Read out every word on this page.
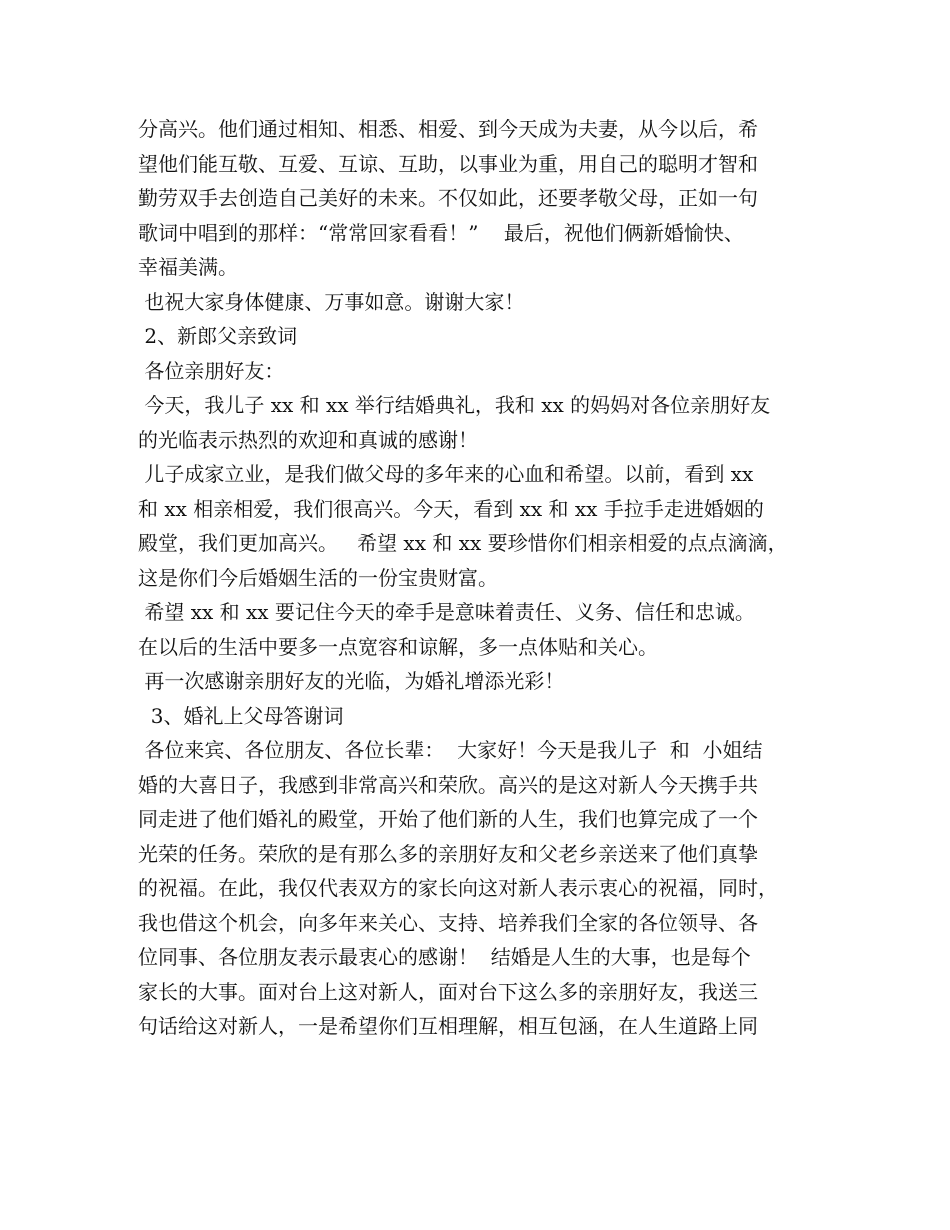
分高兴。他们通过相知、相悉、相爱、到今天成为夫妻，从今以后，希
望他们能互敬、互爱、互谅、互助，以事业为重，用自己的聪明才智和
勤劳双手去创造自己美好的未来。不仅如此，还要孝敬父母，正如一句
歌词中唱到的那样：“常常回家看看！”    最后，祝他们俩新婚愉快、
幸福美满。
也祝大家身体健康、万事如意。谢谢大家！
2、新郎父亲致词
各位亲朋好友：
今天，我儿子 xx 和 xx 举行结婚典礼，我和 xx 的妈妈对各位亲朋好友
的光临表示热烈的欢迎和真诚的感谢！
儿子成家立业，是我们做父母的多年来的心血和希望。以前，看到 xx
和 xx 相亲相爱，我们很高兴。今天，看到 xx 和 xx 手拉手走进婚姻的
殿堂，我们更加高兴。   希望 xx 和 xx 要珍惜你们相亲相爱的点点滴滴，
这是你们今后婚姻生活的一份宝贵财富。
希望 xx 和 xx 要记住今天的牵手是意味着责任、义务、信任和忠诚。
在以后的生活中要多一点宽容和谅解，多一点体贴和关心。
再一次感谢亲朋好友的光临，为婚礼增添光彩！
3、婚礼上父母答谢词
各位来宾、各位朋友、各位长辈：  大家好！今天是我儿子  和  小姐结
婚的大喜日子，我感到非常高兴和荣欣。高兴的是这对新人今天携手共
同走进了他们婚礼的殿堂，开始了他们新的人生，我们也算完成了一个
光荣的任务。荣欣的是有那么多的亲朋好友和父老乡亲送来了他们真挚
的祝福。在此，我仅代表双方的家长向这对新人表示衷心的祝福，同时，
我也借这个机会，向多年来关心、支持、培养我们全家的各位领导、各
位同事、各位朋友表示最衷心的感谢！  结婚是人生的大事，也是每个
家长的大事。面对台上这对新人，面对台下这么多的亲朋好友，我送三
句话给这对新人，一是希望你们互相理解，相互包涵，在人生道路上同
